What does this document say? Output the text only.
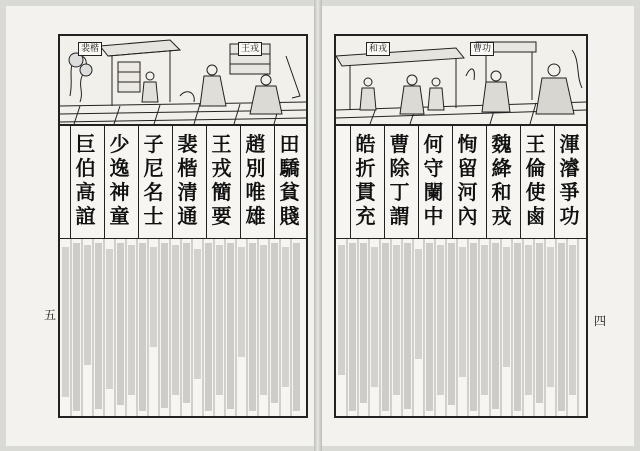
五
裴楷	王戎
田
驕
貧
賤
趙
別
唯
雄
王
戎
簡
要
裴
楷
清
通
子
尼
名
士
少
逸
神
童
巨
伯
高
誼
四
和戎	曹功
渾
濬
爭
功
王
倫
使
鹵
魏
絳
和
戎
恂
留
河
內
何
守
闌
中
曹
除
丁
謂
皓
折
貫
充
